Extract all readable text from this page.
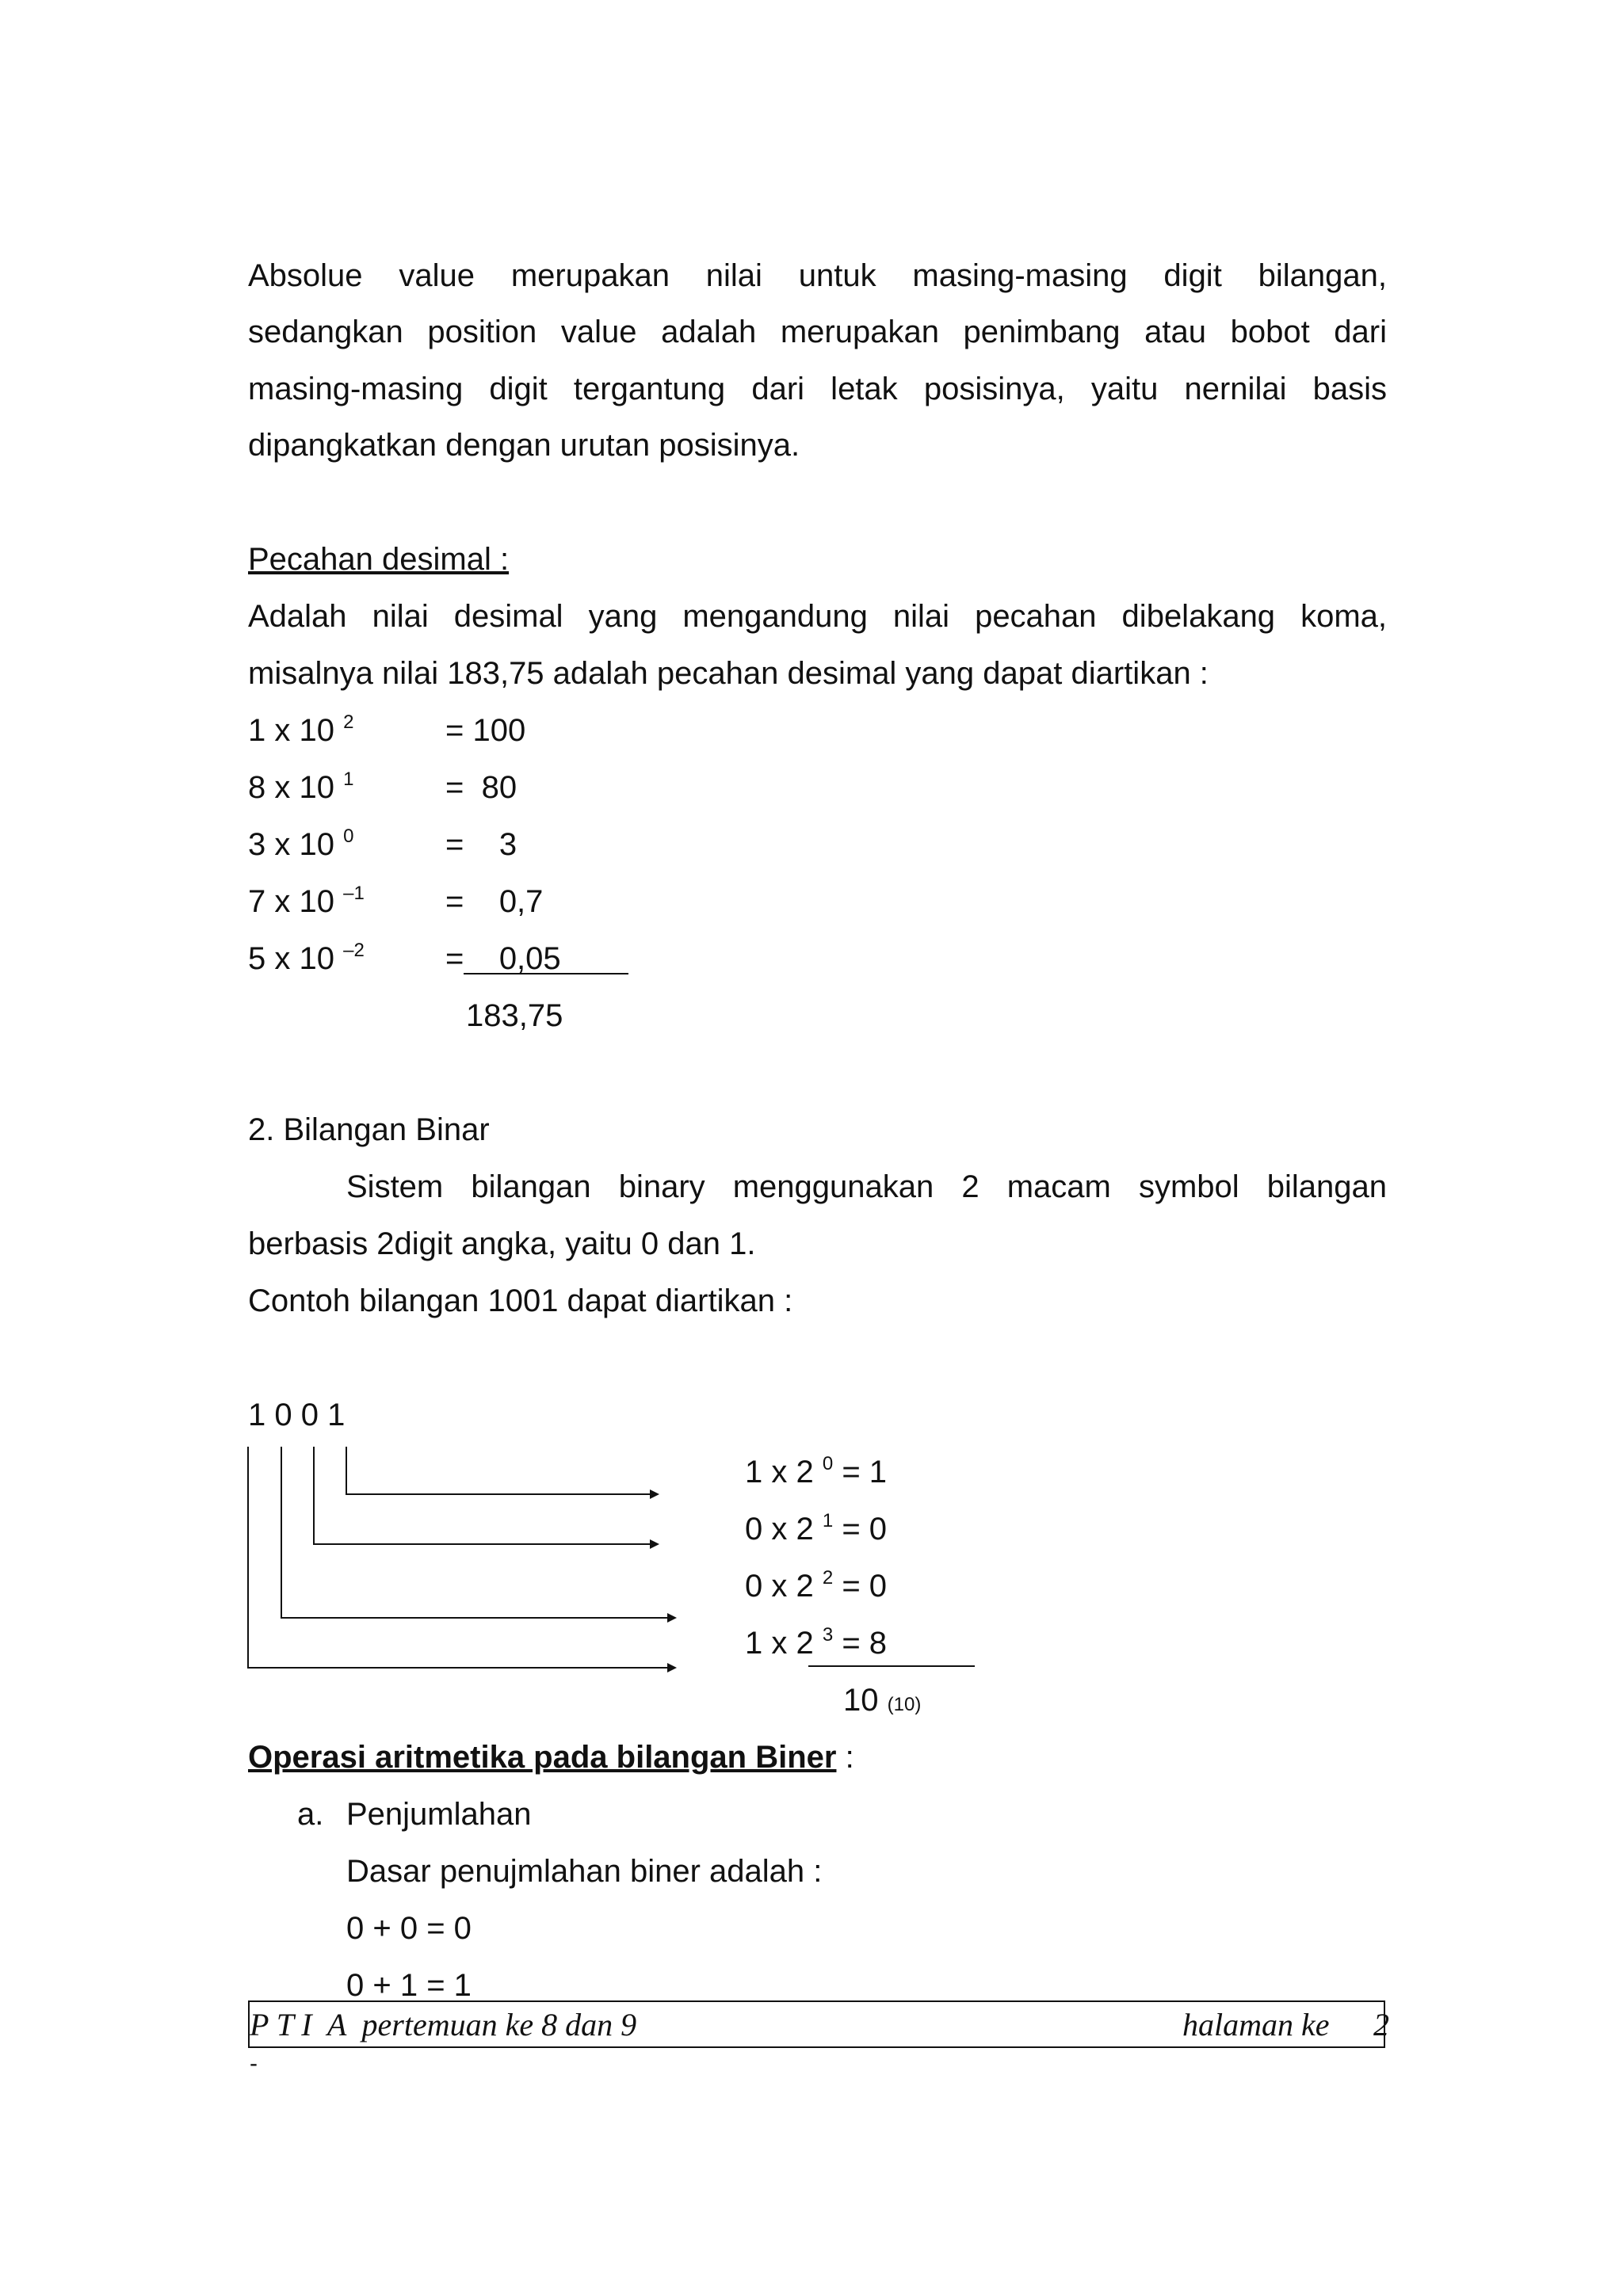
Absolue value merupakan nilai untuk masing-masing digit bilangan,
sedangkan position value adalah merupakan penimbang atau bobot dari
masing-masing digit tergantung dari letak posisinya, yaitu nernilai basis
dipangkatkan dengan urutan posisinya.
Pecahan desimal :
Adalah nilai desimal yang mengandung nilai pecahan dibelakang koma,
misalnya nilai 183,75 adalah pecahan desimal yang dapat diartikan :
1 x 10 $^2$	= 100
8 x 10 $^1$	=  80
3 x 10 $^0$	=    3
7 x 10 $^{-1}$	=    0,7
5 x 10 $^{-2}$	=    0,05
183,75
2. Bilangan Binar
Sistem bilangan binary menggunakan 2 macam symbol bilangan
berbasis 2digit angka, yaitu 0 dan 1.
Contoh bilangan 1001 dapat diartikan :
1 0 0 1
1 x 2 $^0$ = 1
0 x 2 $^1$ = 0
0 x 2 $^2$ = 0
1 x 2 $^3$ = 8
10 (10)
Operasi aritmetika pada bilangan Biner :
a. Penjumlahan
Dasar penujmlahan biner adalah :
0 + 0 = 0
0 + 1 = 1
P T I  A  pertemuan ke 8 dan 9	halaman ke 2
-
